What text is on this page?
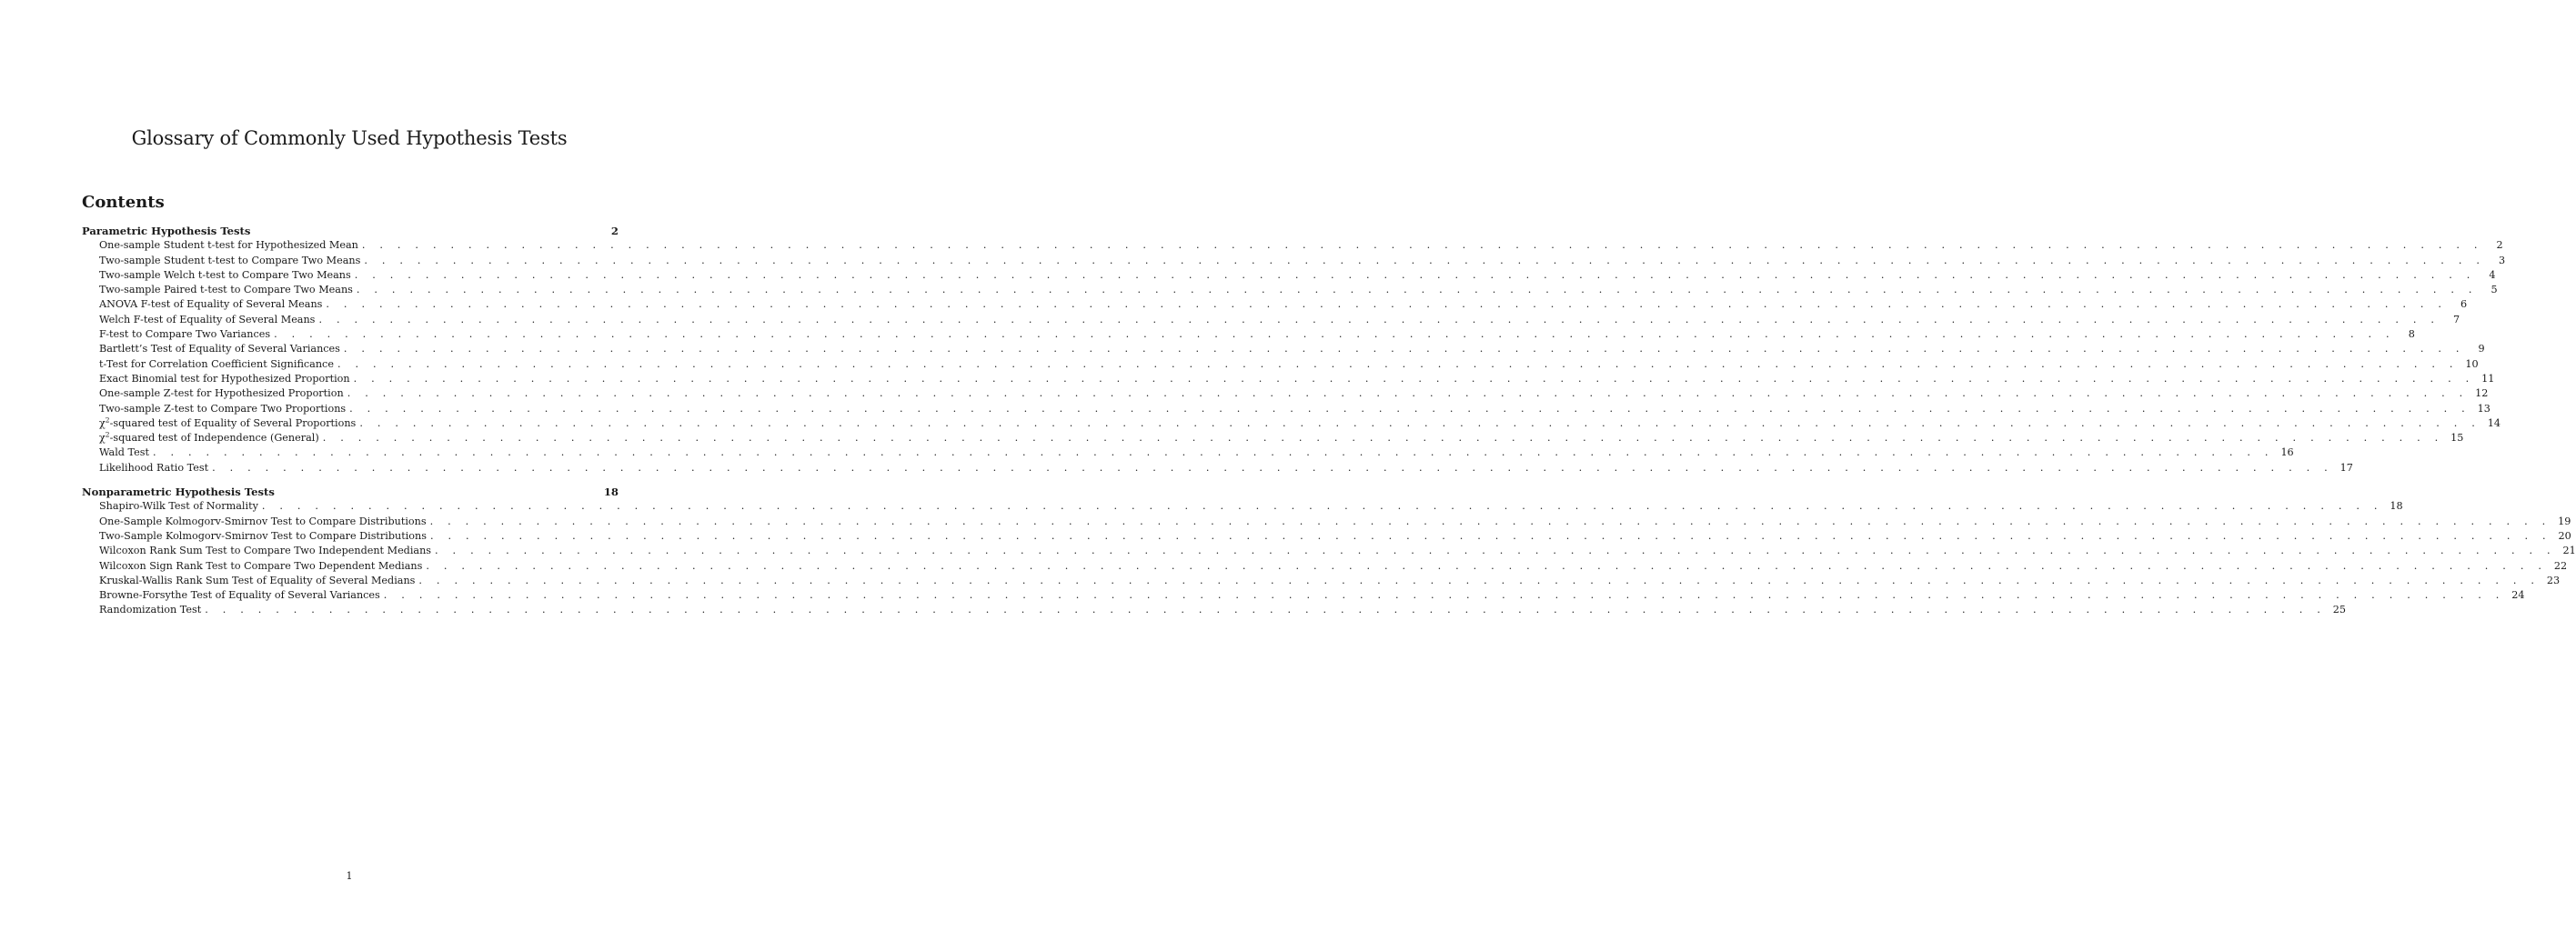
Glossary of Commonly Used Hypothesis Tests
Contents
Parametric Hypothesis Tests	2
One-sample Student t-test for Hypothesized Mean . . . . . . . . . . . . . . . . . . . . . . . . . . . . . . . . . . . . . . . . . . . . . . . . . . . . . . . . . . . . . . . . . . . . . . . . . . . . . . . . . . . . . . . . . . . . . . . . . . . . . . . . . . . . . . . . . . . . . . . .	2
Two-sample Student t-test to Compare Two Means . . . . . . . . . . . . . . . . . . . . . . . . . . . . . . . . . . . . . . . . . . . . . . . . . . . . . . . . . . . . . . . . . . . . . . . . . . . . . . . . . . . . . . . . . . . . . . . . . . . . . . . . . . . . . . . . . . . . . . . .	3
Two-sample Welch t-test to Compare Two Means . . . . . . . . . . . . . . . . . . . . . . . . . . . . . . . . . . . . . . . . . . . . . . . . . . . . . . . . . . . . . . . . . . . . . . . . . . . . . . . . . . . . . . . . . . . . . . . . . . . . . . . . . . . . . . . . . . . . . . . .	4
Two-sample Paired t-test to Compare Two Means . . . . . . . . . . . . . . . . . . . . . . . . . . . . . . . . . . . . . . . . . . . . . . . . . . . . . . . . . . . . . . . . . . . . . . . . . . . . . . . . . . . . . . . . . . . . . . . . . . . . . . . . . . . . . . . . . . . . . . . .	5
ANOVA F-test of Equality of Several Means . . . . . . . . . . . . . . . . . . . . . . . . . . . . . . . . . . . . . . . . . . . . . . . . . . . . . . . . . . . . . . . . . . . . . . . . . . . . . . . . . . . . . . . . . . . . . . . . . . . . . . . . . . . . . . . . . . . . . . . .	6
Welch F-test of Equality of Several Means . . . . . . . . . . . . . . . . . . . . . . . . . . . . . . . . . . . . . . . . . . . . . . . . . . . . . . . . . . . . . . . . . . . . . . . . . . . . . . . . . . . . . . . . . . . . . . . . . . . . . . . . . . . . . . . . . . . . . . . .	7
F-test to Compare Two Variances . . . . . . . . . . . . . . . . . . . . . . . . . . . . . . . . . . . . . . . . . . . . . . . . . . . . . . . . . . . . . . . . . . . . . . . . . . . . . . . . . . . . . . . . . . . . . . . . . . . . . . . . . . . . . . . . . . . . . . . .	8
Bartlett’s Test of Equality of Several Variances . . . . . . . . . . . . . . . . . . . . . . . . . . . . . . . . . . . . . . . . . . . . . . . . . . . . . . . . . . . . . . . . . . . . . . . . . . . . . . . . . . . . . . . . . . . . . . . . . . . . . . . . . . . . . . . . . . . . . . . .	9
t-Test for Correlation Coefficient Significance . . . . . . . . . . . . . . . . . . . . . . . . . . . . . . . . . . . . . . . . . . . . . . . . . . . . . . . . . . . . . . . . . . . . . . . . . . . . . . . . . . . . . . . . . . . . . . . . . . . . . . . . . . . . . . . . . . . . . . . . 10
Exact Binomial test for Hypothesized Proportion . . . . . . . . . . . . . . . . . . . . . . . . . . . . . . . . . . . . . . . . . . . . . . . . . . . . . . . . . . . . . . . . . . . . . . . . . . . . . . . . . . . . . . . . . . . . . . . . . . . . . . . . . . . . . . . . . . . . . . . . 11
One-sample Z-test for Hypothesized Proportion . . . . . . . . . . . . . . . . . . . . . . . . . . . . . . . . . . . . . . . . . . . . . . . . . . . . . . . . . . . . . . . . . . . . . . . . . . . . . . . . . . . . . . . . . . . . . . . . . . . . . . . . . . . . . . . . . . . . . . . . 12
Two-sample Z-test to Compare Two Proportions . . . . . . . . . . . . . . . . . . . . . . . . . . . . . . . . . . . . . . . . . . . . . . . . . . . . . . . . . . . . . . . . . . . . . . . . . . . . . . . . . . . . . . . . . . . . . . . . . . . . . . . . . . . . . . . . . . . . . . . . 13
$\chi^2$-squared test of Equality of Several Proportions . . . . . . . . . . . . . . . . . . . . . . . . . . . . . . . . . . . . . . . . . . . . . . . . . . . . . . . . . . . . . . . . . . . . . . . . . . . . . . . . . . . . . . . . . . . . . . . . . . . . . . . . . . . . . . . . . . . . . . . . 14
$\chi^2$-squared test of Independence (General) . . . . . . . . . . . . . . . . . . . . . . . . . . . . . . . . . . . . . . . . . . . . . . . . . . . . . . . . . . . . . . . . . . . . . . . . . . . . . . . . . . . . . . . . . . . . . . . . . . . . . . . . . . . . . . . . . . . . . . . . 15
Wald Test . . . . . . . . . . . . . . . . . . . . . . . . . . . . . . . . . . . . . . . . . . . . . . . . . . . . . . . . . . . . . . . . . . . . . . . . . . . . . . . . . . . . . . . . . . . . . . . . . . . . . . . . . . . . . . . . . . . . . . . . 16
Likelihood Ratio Test . . . . . . . . . . . . . . . . . . . . . . . . . . . . . . . . . . . . . . . . . . . . . . . . . . . . . . . . . . . . . . . . . . . . . . . . . . . . . . . . . . . . . . . . . . . . . . . . . . . . . . . . . . . . . . . . . . . . . . . . 17
Nonparametric Hypothesis Tests	18
Shapiro-Wilk Test of Normality . . . . . . . . . . . . . . . . . . . . . . . . . . . . . . . . . . . . . . . . . . . . . . . . . . . . . . . . . . . . . . . . . . . . . . . . . . . . . . . . . . . . . . . . . . . . . . . . . . . . . . . . . . . . . . . . . . . . . . . . 18
One-Sample Kolmogorv-Smirnov Test to Compare Distributions . . . . . . . . . . . . . . . . . . . . . . . . . . . . . . . . . . . . . . . . . . . . . . . . . . . . . . . . . . . . . . . . . . . . . . . . . . . . . . . . . . . . . . . . . . . . . . . . . . . . . . . . . . . . . . . . . . . . . . . . 19
Two-Sample Kolmogorv-Smirnov Test to Compare Distributions . . . . . . . . . . . . . . . . . . . . . . . . . . . . . . . . . . . . . . . . . . . . . . . . . . . . . . . . . . . . . . . . . . . . . . . . . . . . . . . . . . . . . . . . . . . . . . . . . . . . . . . . . . . . . . . . . . . . . . . . 20
Wilcoxon Rank Sum Test to Compare Two Independent Medians . . . . . . . . . . . . . . . . . . . . . . . . . . . . . . . . . . . . . . . . . . . . . . . . . . . . . . . . . . . . . . . . . . . . . . . . . . . . . . . . . . . . . . . . . . . . . . . . . . . . . . . . . . . . . . . . . . . . . . . . 21
Wilcoxon Sign Rank Test to Compare Two Dependent Medians . . . . . . . . . . . . . . . . . . . . . . . . . . . . . . . . . . . . . . . . . . . . . . . . . . . . . . . . . . . . . . . . . . . . . . . . . . . . . . . . . . . . . . . . . . . . . . . . . . . . . . . . . . . . . . . . . . . . . . . . 22
Kruskal-Wallis Rank Sum Test of Equality of Several Medians . . . . . . . . . . . . . . . . . . . . . . . . . . . . . . . . . . . . . . . . . . . . . . . . . . . . . . . . . . . . . . . . . . . . . . . . . . . . . . . . . . . . . . . . . . . . . . . . . . . . . . . . . . . . . . . . . . . . . . . . 23
Browne-Forsythe Test of Equality of Several Variances . . . . . . . . . . . . . . . . . . . . . . . . . . . . . . . . . . . . . . . . . . . . . . . . . . . . . . . . . . . . . . . . . . . . . . . . . . . . . . . . . . . . . . . . . . . . . . . . . . . . . . . . . . . . . . . . . . . . . . . . 24
Randomization Test . . . . . . . . . . . . . . . . . . . . . . . . . . . . . . . . . . . . . . . . . . . . . . . . . . . . . . . . . . . . . . . . . . . . . . . . . . . . . . . . . . . . . . . . . . . . . . . . . . . . . . . . . . . . . . . . . . . . . . . . 25
1
